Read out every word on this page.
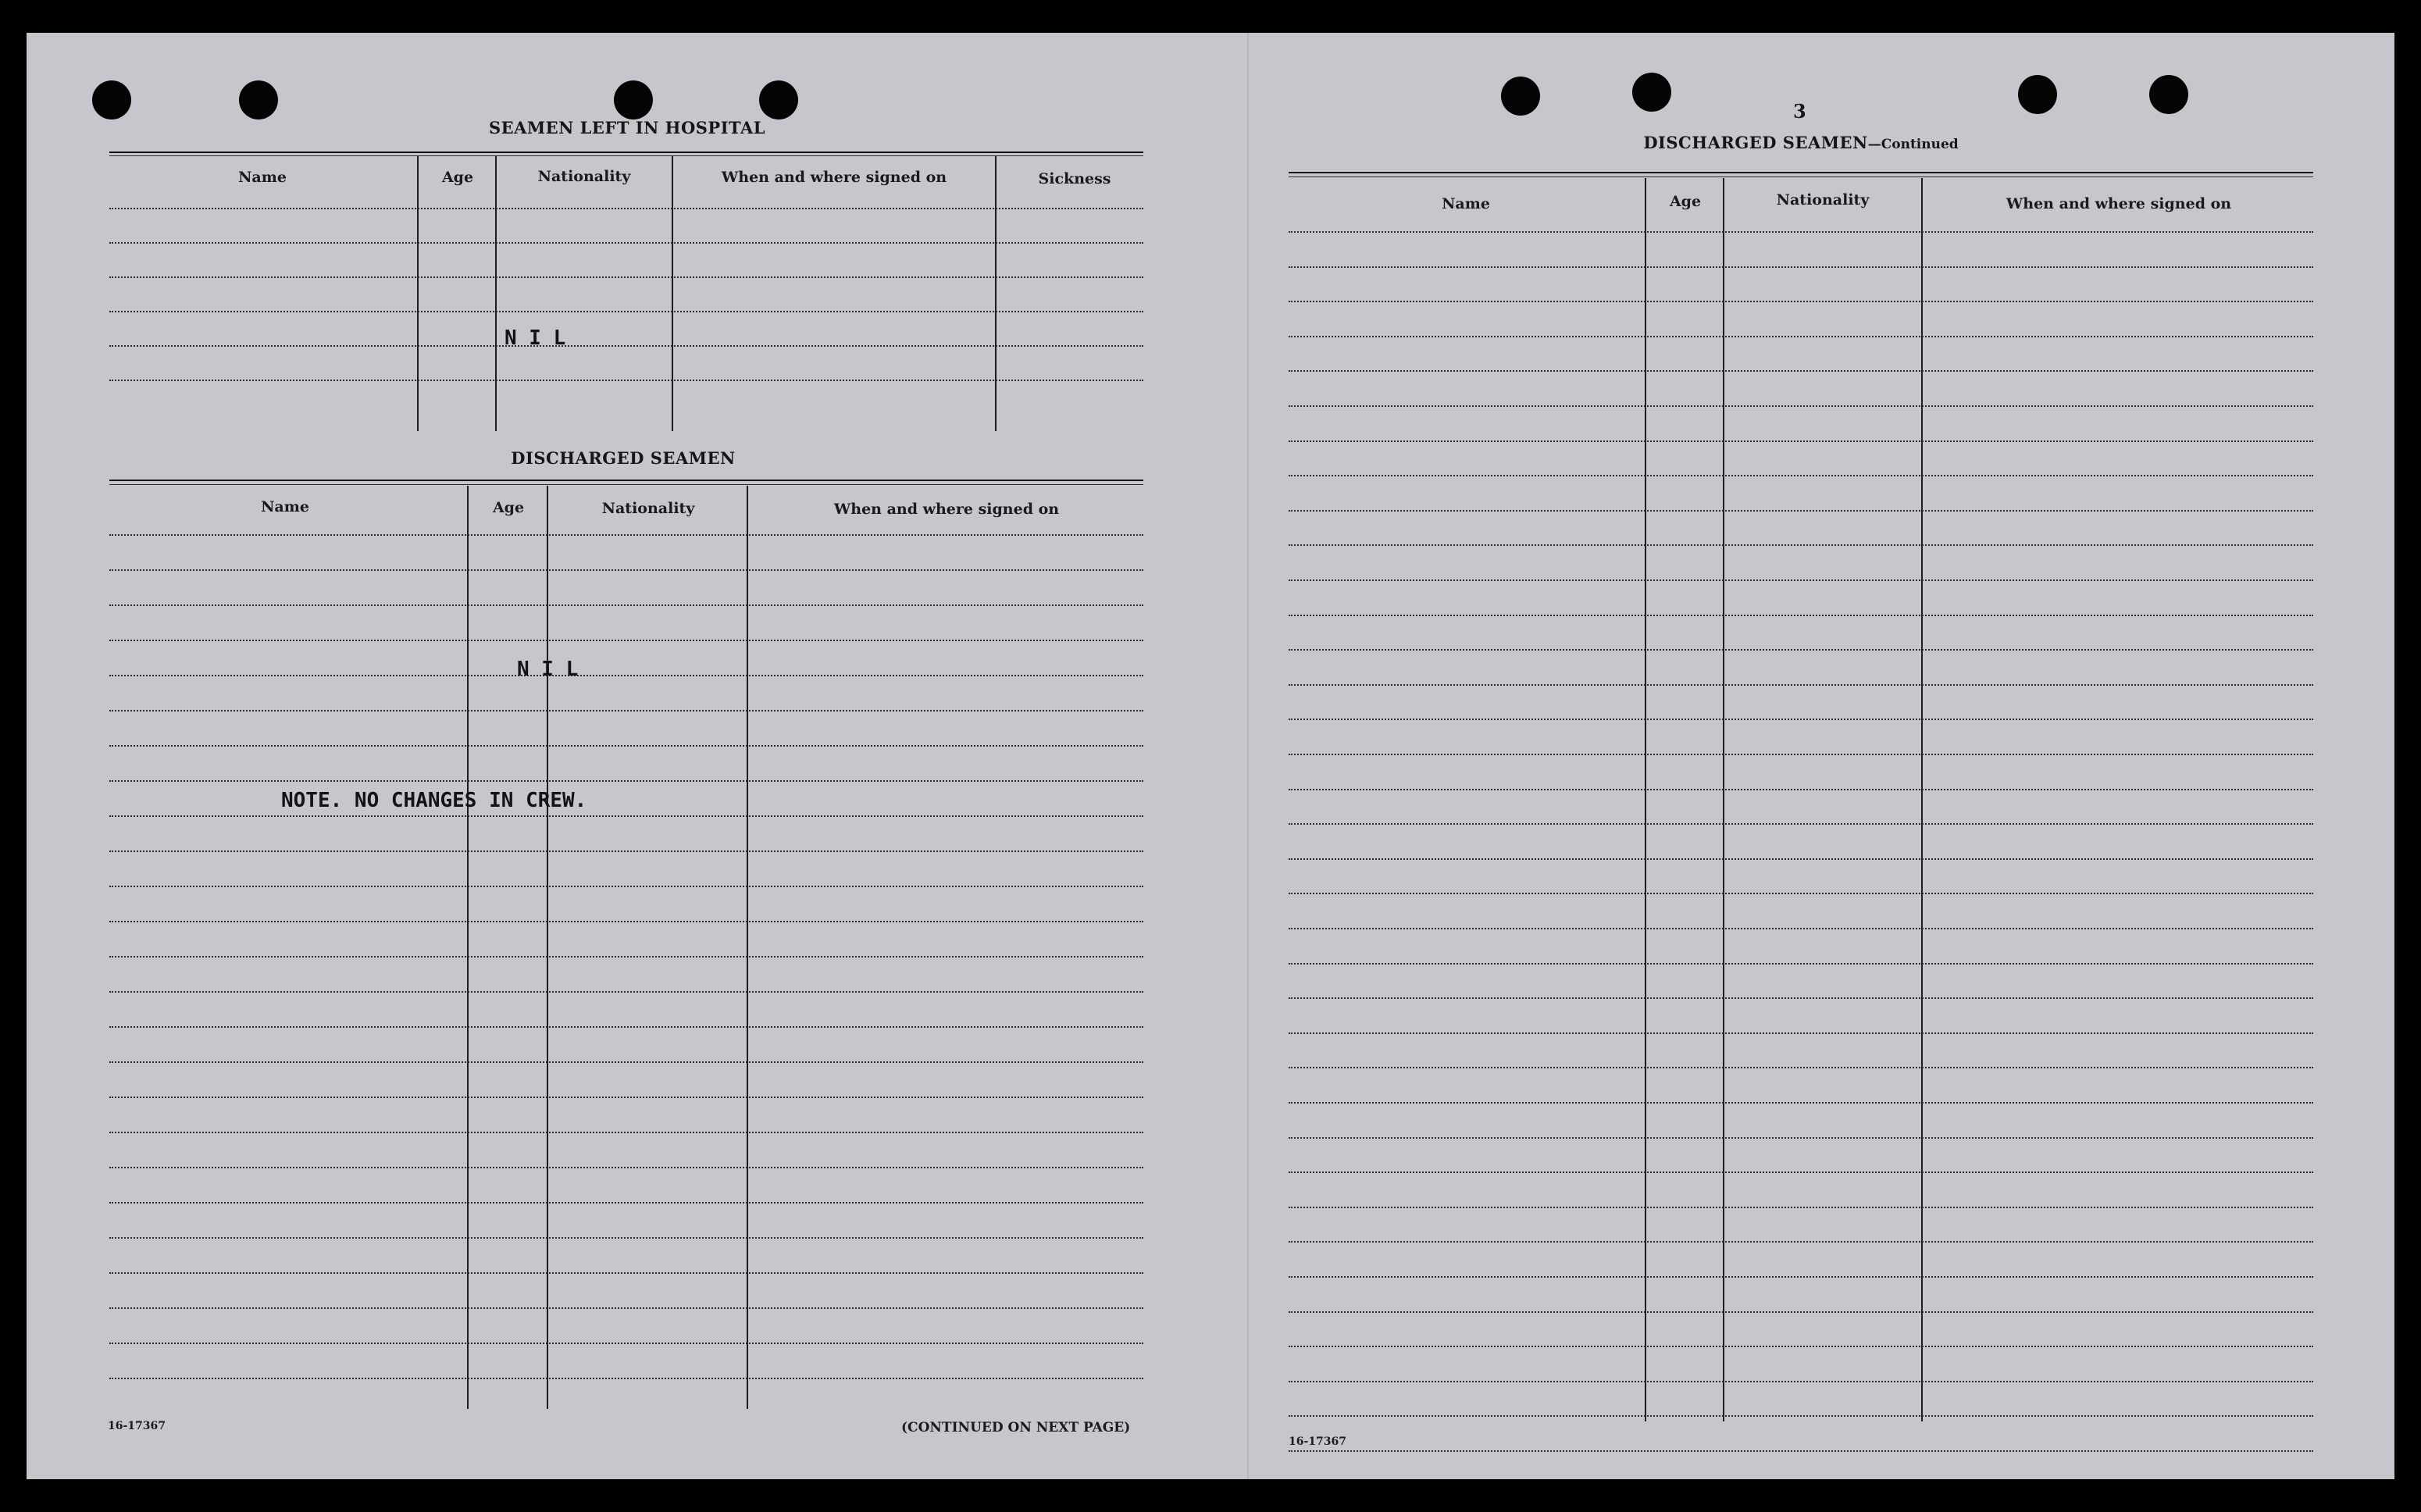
SEAMEN LEFT IN HOSPITAL
Name	Age	Nationality	When and where signed on	Sickness
N I L
DISCHARGED SEAMEN
Name	Age	Nationality	When and where signed on
N I L
NOTE. NO CHANGES IN CREW.
16-17367	(CONTINUED ON NEXT PAGE)
3
DISCHARGED SEAMEN—Continued
Name	Age	Nationality	When and where signed on
16-17367
